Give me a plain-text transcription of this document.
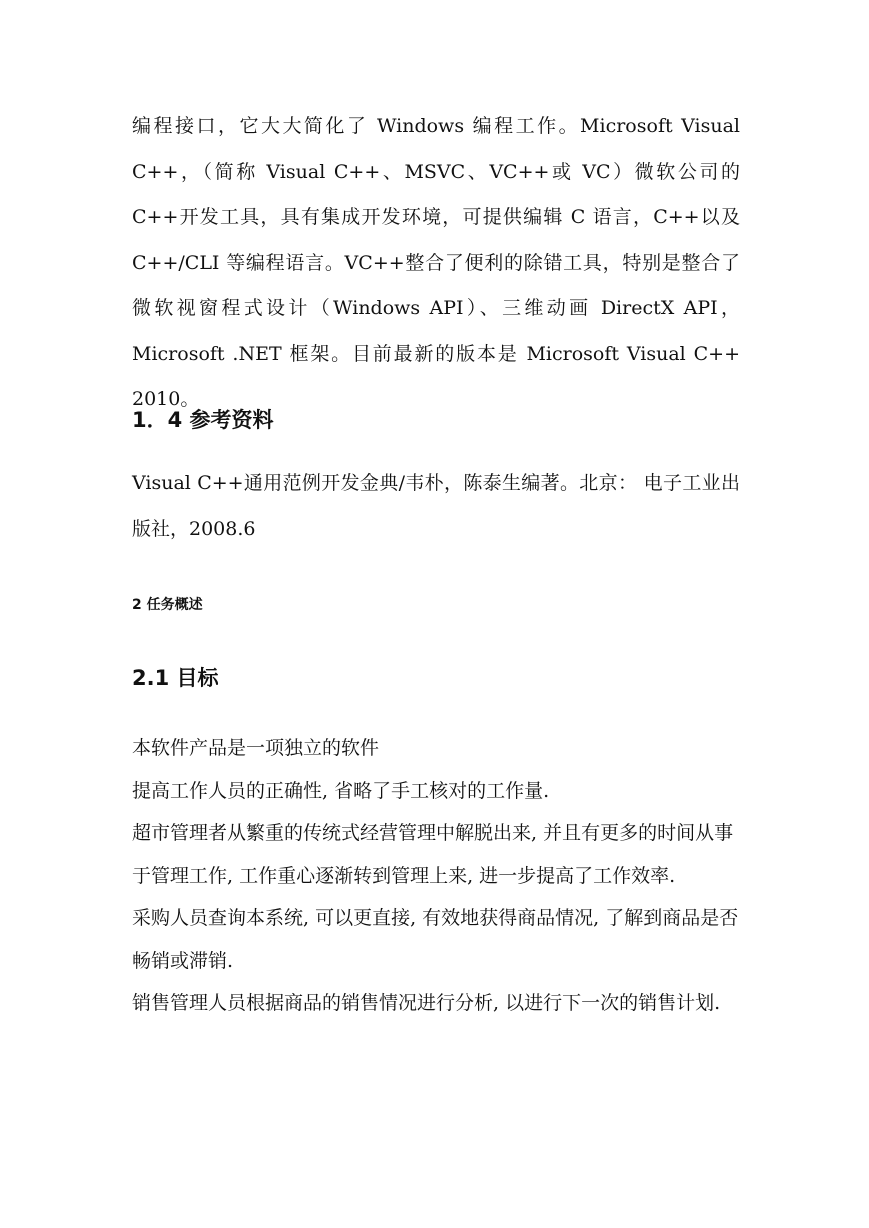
编程接口，它大大简化了 Windows 编程工作。Microsoft Visual C++，（简称 Visual C++、MSVC、VC++或 VC）微软公司的 C++开发工具，具有集成开发环境，可提供编辑 C 语言，C++以及 C++/CLI 等编程语言。VC++整合了便利的除错工具，特别是整合了微软视窗程式设计（Windows API）、三维动画 DirectX API，Microsoft .NET 框架。目前最新的版本是 Microsoft Visual C++ 2010。

1．4 参考资料

Visual C++通用范例开发金典/韦朴，陈泰生编著。北京： 电子工业出版社，2008.6

2 任务概述
2.1 目标
本软件产品是一项独立的软件
提高工作人员的正确性, 省略了手工核对的工作量.
超市管理者从繁重的传统式经营管理中解脱出来, 并且有更多的时间从事于管理工作, 工作重心逐渐转到管理上来, 进一步提高了工作效率.
采购人员查询本系统, 可以更直接, 有效地获得商品情况, 了解到商品是否畅销或滞销.
销售管理人员根据商品的销售情况进行分析, 以进行下一次的销售计划.
